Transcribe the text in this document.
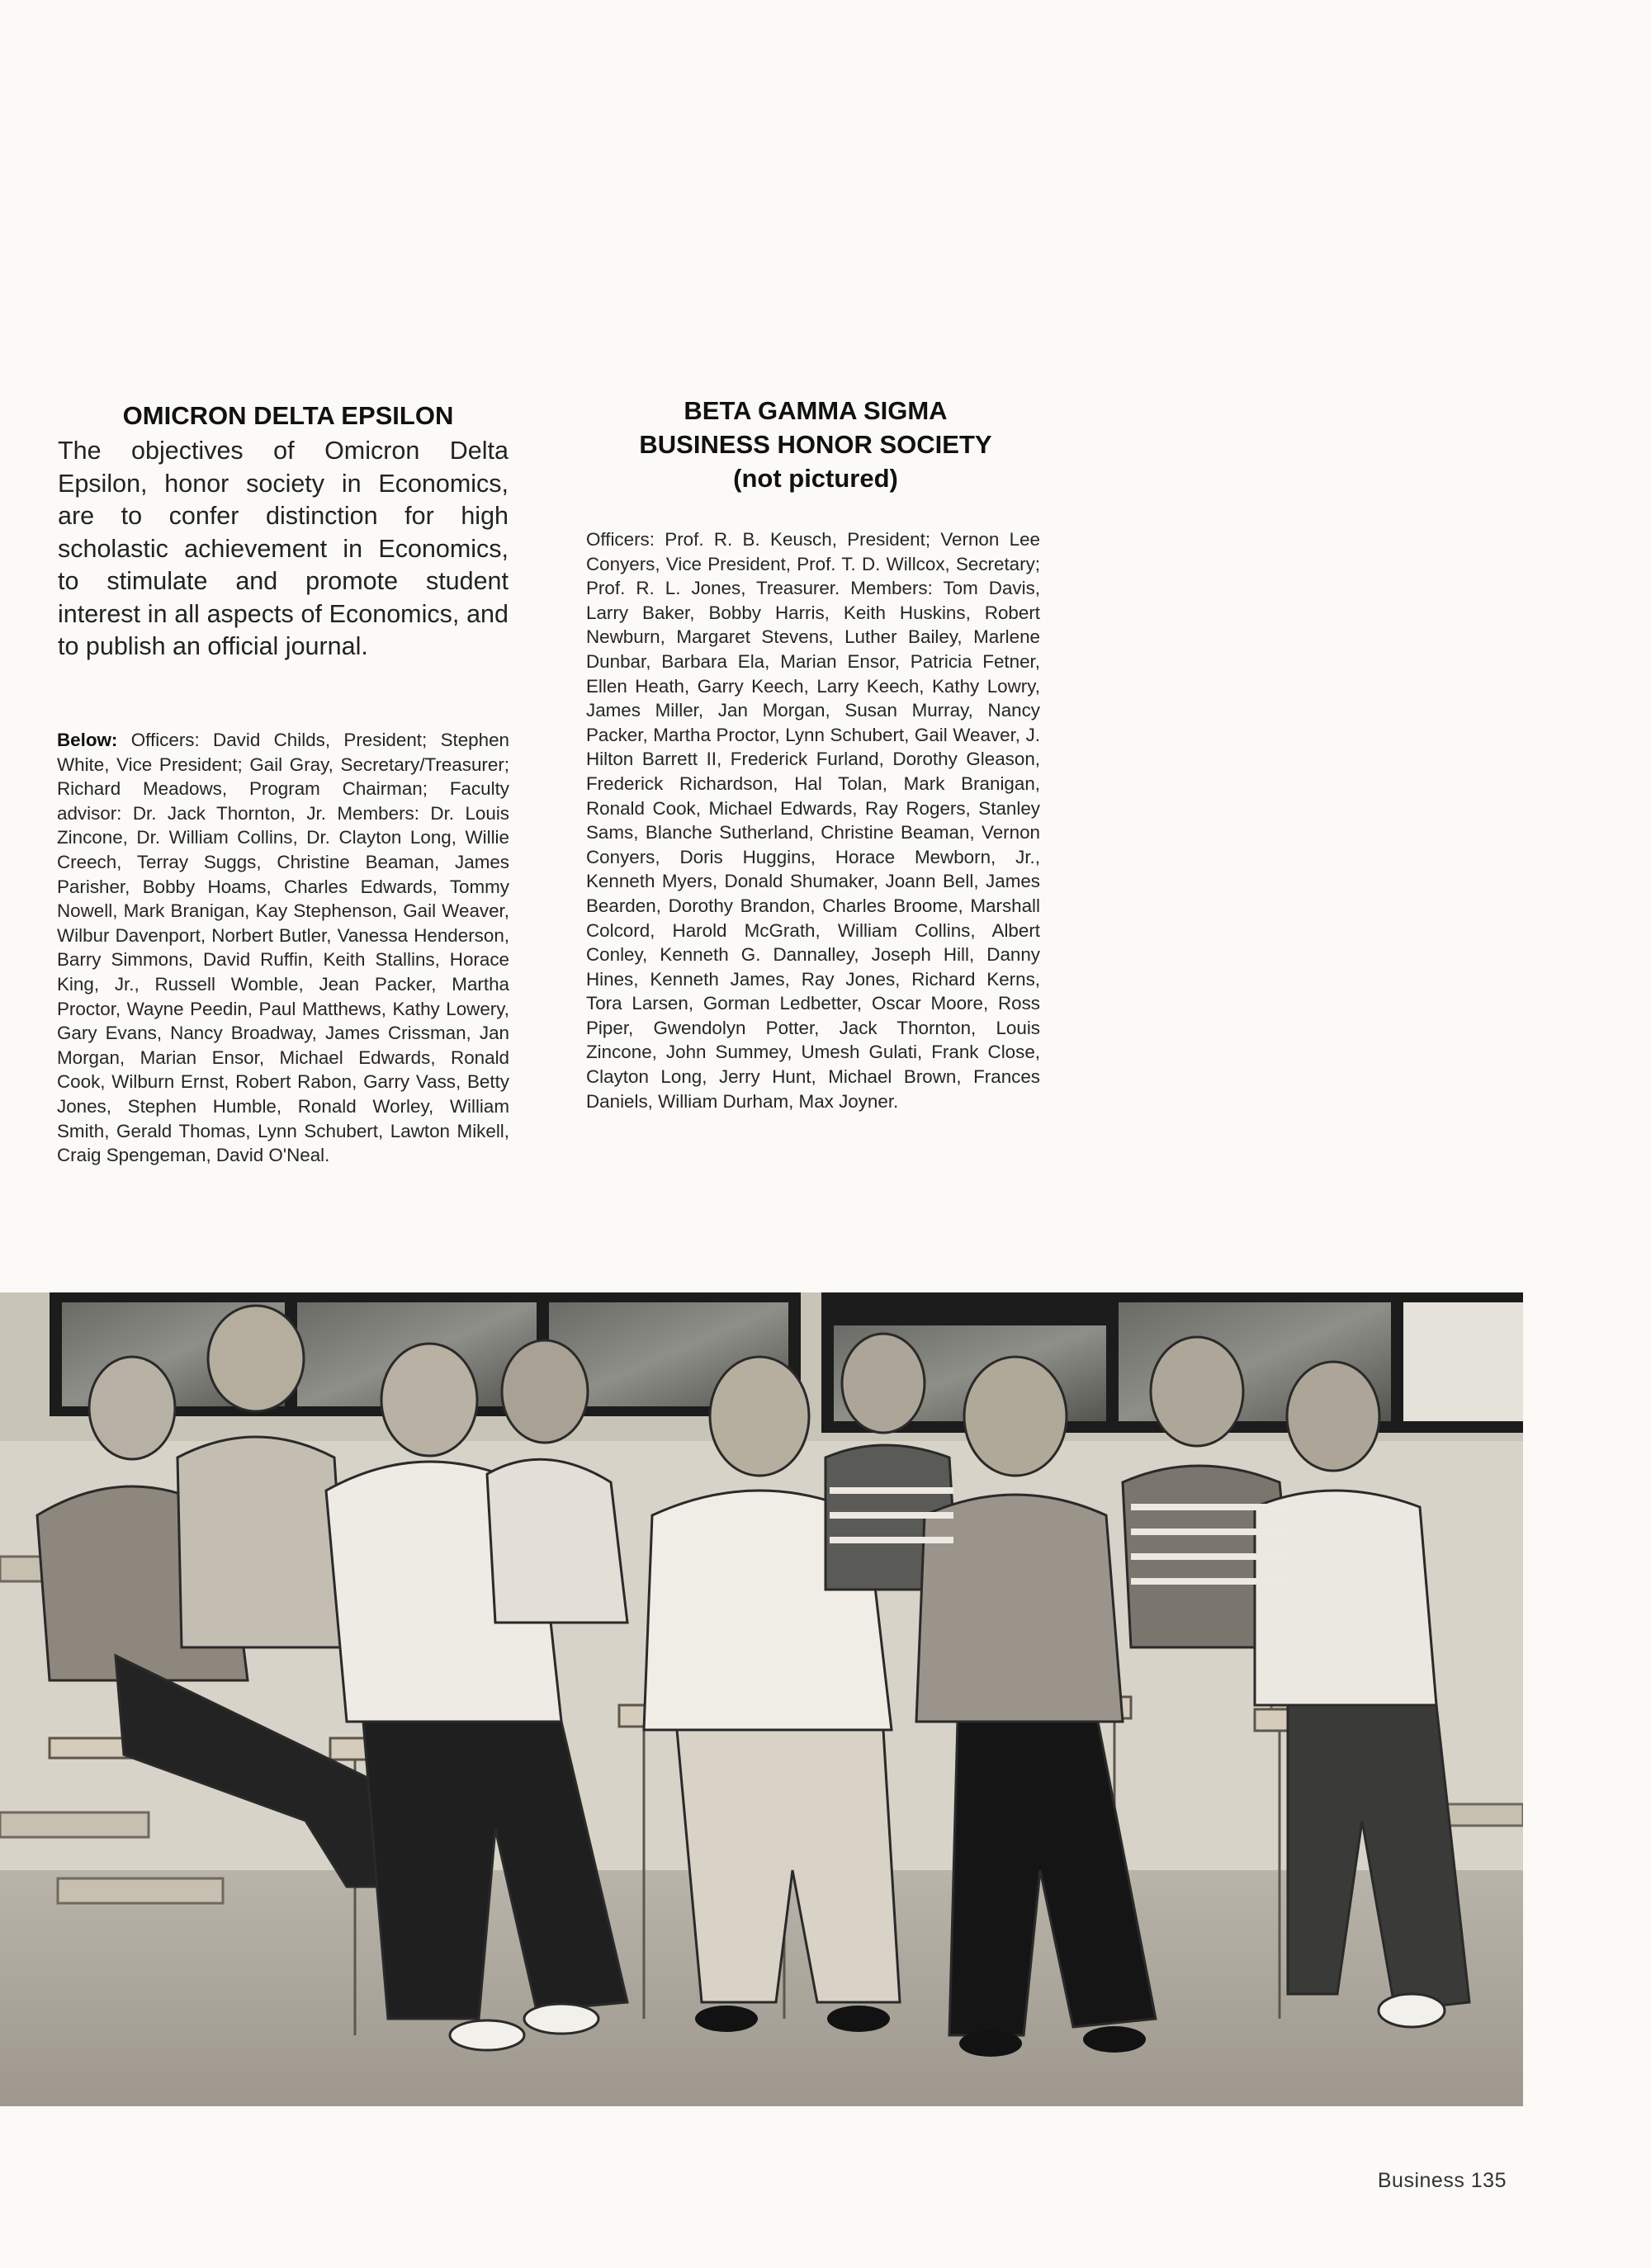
OMICRON DELTA EPSILON
The objectives of Omicron Delta Epsilon, honor society in Economics, are to confer distinction for high scholastic achievement in Economics, to stimulate and promote student interest in all aspects of Economics, and to publish an official journal.
Below: Officers: David Childs, President; Stephen White, Vice President; Gail Gray, Secretary/Treasurer; Richard Meadows, Program Chairman; Faculty advisor: Dr. Jack Thornton, Jr. Members: Dr. Louis Zincone, Dr. William Collins, Dr. Clayton Long, Willie Creech, Terray Suggs, Christine Beaman, James Parisher, Bobby Hoams, Charles Edwards, Tommy Nowell, Mark Branigan, Kay Stephenson, Gail Weaver, Wilbur Davenport, Norbert Butler, Vanessa Henderson, Barry Simmons, David Ruffin, Keith Stallins, Horace King, Jr., Russell Womble, Jean Packer, Martha Proctor, Wayne Peedin, Paul Matthews, Kathy Lowery, Gary Evans, Nancy Broadway, James Crissman, Jan Morgan, Marian Ensor, Michael Edwards, Ronald Cook, Wilburn Ernst, Robert Rabon, Garry Vass, Betty Jones, Stephen Humble, Ronald Worley, William Smith, Gerald Thomas, Lynn Schubert, Lawton Mikell, Craig Spengeman, David O'Neal.
BETA GAMMA SIGMA
BUSINESS HONOR SOCIETY
(not pictured)
Officers: Prof. R. B. Keusch, President; Vernon Lee Conyers, Vice President, Prof. T. D. Willcox, Secretary; Prof. R. L. Jones, Treasurer. Members: Tom Davis, Larry Baker, Bobby Harris, Keith Huskins, Robert Newburn, Margaret Stevens, Luther Bailey, Marlene Dunbar, Barbara Ela, Marian Ensor, Patricia Fetner, Ellen Heath, Garry Keech, Larry Keech, Kathy Lowry, James Miller, Jan Morgan, Susan Murray, Nancy Packer, Martha Proctor, Lynn Schubert, Gail Weaver, J. Hilton Barrett II, Frederick Furland, Dorothy Gleason, Frederick Richardson, Hal Tolan, Mark Branigan, Ronald Cook, Michael Edwards, Ray Rogers, Stanley Sams, Blanche Sutherland, Christine Beaman, Vernon Conyers, Doris Huggins, Horace Mewborn, Jr., Kenneth Myers, Donald Shumaker, Joann Bell, James Bearden, Dorothy Brandon, Charles Broome, Marshall Colcord, Harold McGrath, William Collins, Albert Conley, Kenneth G. Dannalley, Joseph Hill, Danny Hines, Kenneth James, Ray Jones, Richard Kerns, Tora Larsen, Gorman Ledbetter, Oscar Moore, Ross Piper, Gwendolyn Potter, Jack Thornton, Louis Zincone, John Summey, Umesh Gulati, Frank Close, Clayton Long, Jerry Hunt, Michael Brown, Frances Daniels, William Durham, Max Joyner.
Business 135
